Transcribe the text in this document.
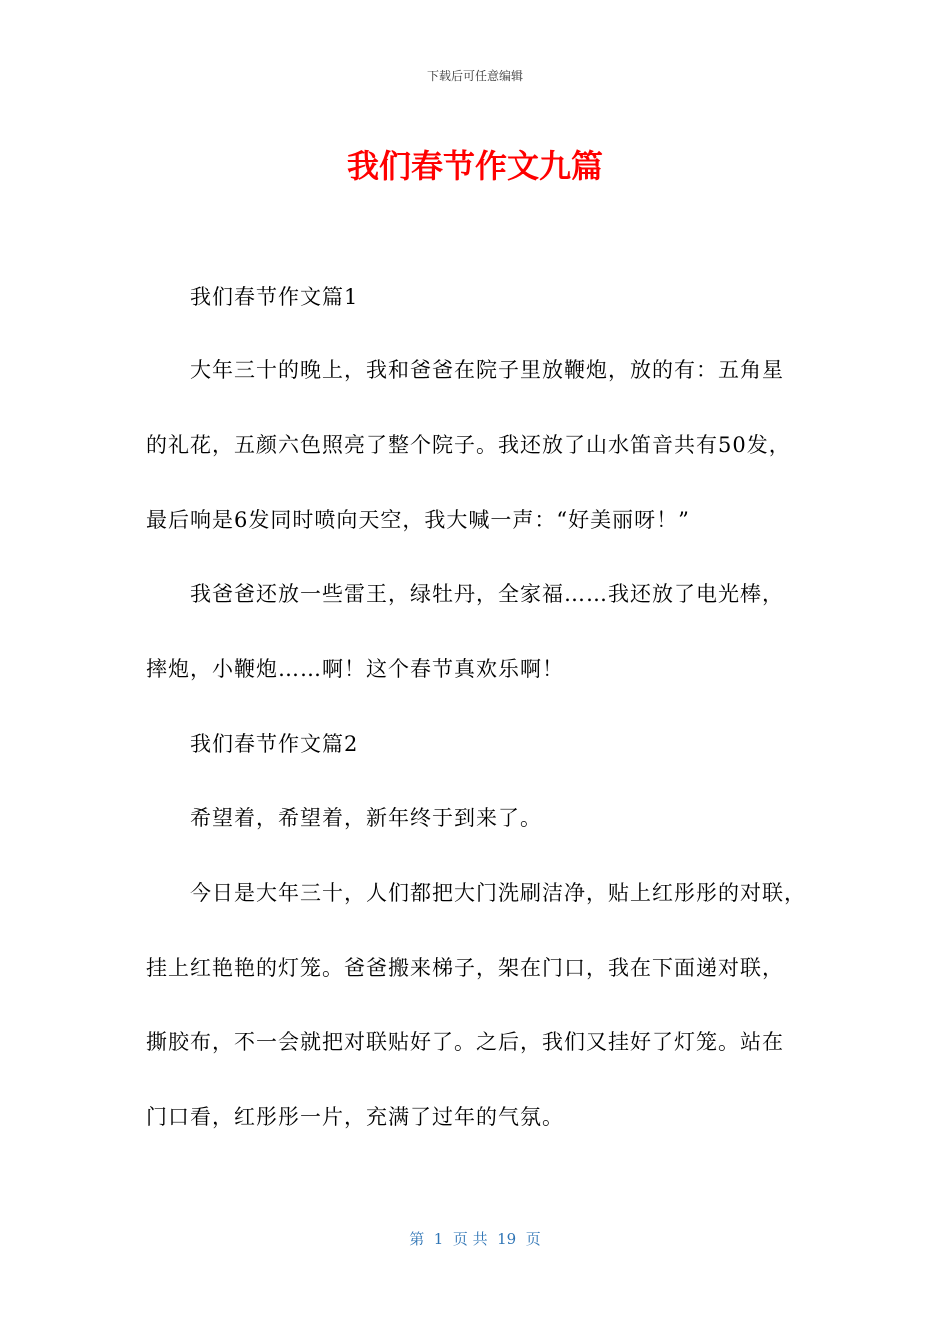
下载后可任意编辑
我们春节作文九篇
我们春节作文篇1
大年三十的晚上，我和爸爸在院子里放鞭炮，放的有：五角星
的礼花，五颜六色照亮了整个院子。我还放了山水笛音共有50发，
最后响是6发同时喷向天空，我大喊一声：“好美丽呀！”
我爸爸还放一些雷王，绿牡丹，全家福……我还放了电光棒，
摔炮，小鞭炮……啊！这个春节真欢乐啊！
我们春节作文篇2
希望着，希望着，新年终于到来了。
今日是大年三十，人们都把大门洗刷洁净，贴上红彤彤的对联，
挂上红艳艳的灯笼。爸爸搬来梯子，架在门口，我在下面递对联，
撕胶布，不一会就把对联贴好了。之后，我们又挂好了灯笼。站在
门口看，红彤彤一片，充满了过年的气氛。
第  1  页 共  19  页
